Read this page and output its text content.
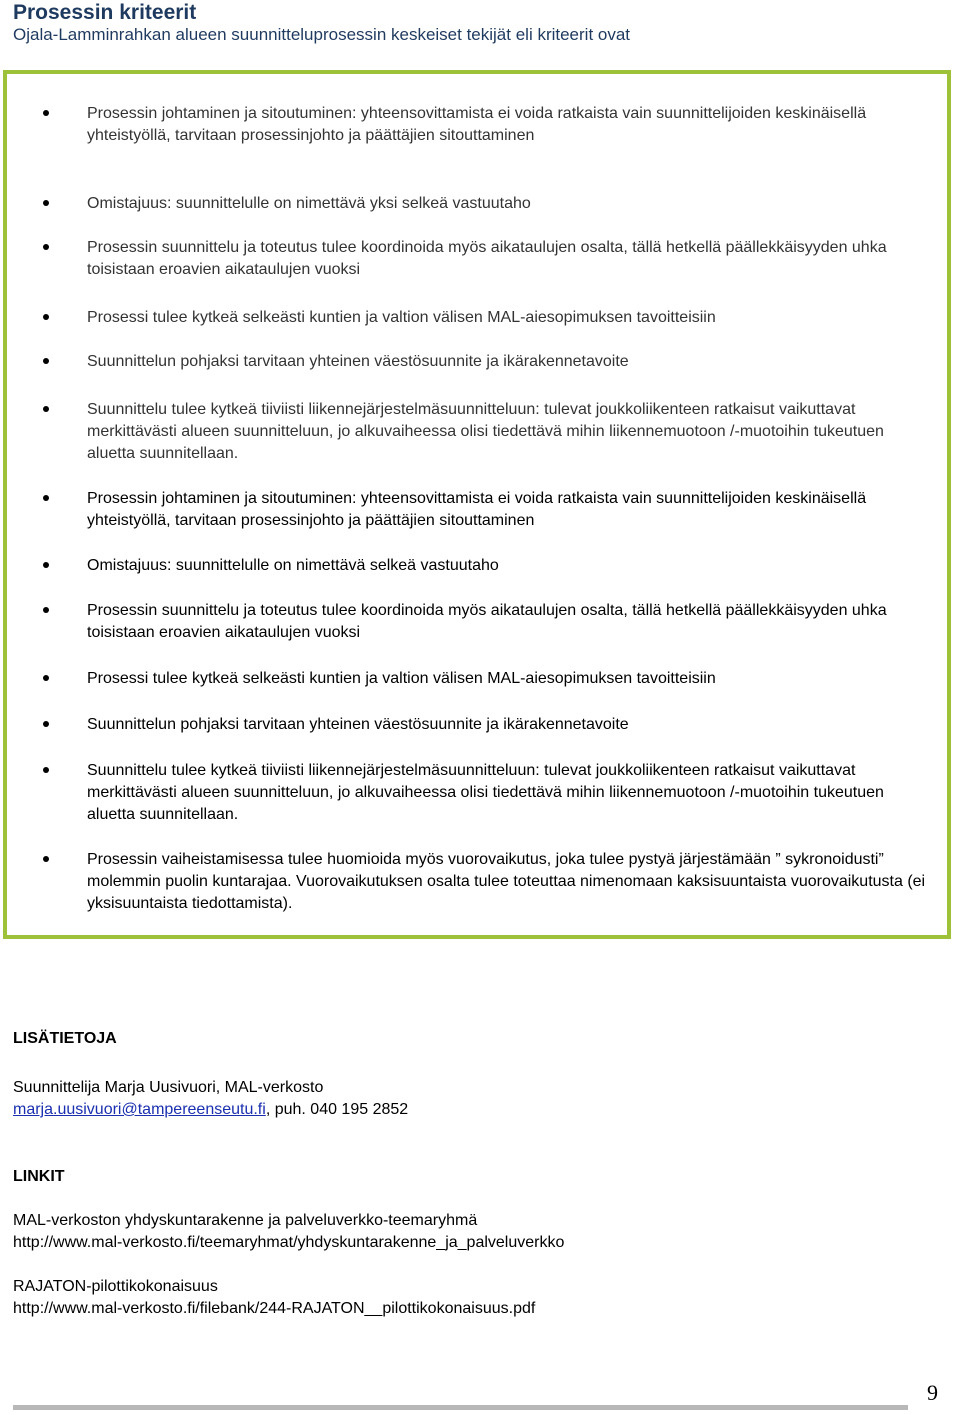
Prosessin kriteerit
Ojala-Lamminrahkan alueen suunnitteluprosessin keskeiset tekijät eli kriteerit ovat
Prosessin johtaminen ja sitoutuminen: yhteensovittamista ei voida ratkaista vain suunnittelijoiden keskinäisellä yhteistyöllä, tarvitaan prosessinjohto ja päättäjien sitouttaminen
Omistajuus: suunnittelulle on nimettävä yksi selkeä vastuutaho
Prosessin suunnittelu ja toteutus tulee koordinoida myös aikataulujen osalta, tällä hetkellä päällekkäisyyden uhka toisistaan eroavien aikataulujen vuoksi
Prosessi tulee kytkeä selkeästi kuntien ja valtion välisen MAL-aiesopimuksen tavoitteisiin
Suunnittelun pohjaksi tarvitaan yhteinen väestösuunnite ja ikärakennetavoite
Suunnittelu tulee kytkeä tiiviisti liikennejärjestelmäsuunnitteluun: tulevat joukkoliikenteen ratkaisut vaikuttavat merkittävästi alueen suunnitteluun, jo alkuvaiheessa olisi tiedettävä mihin liikennemuotoon /-muotoihin tukeutuen aluetta suunnitellaan.
Prosessin johtaminen ja sitoutuminen: yhteensovittamista ei voida ratkaista vain suunnittelijoiden keskinäisellä yhteistyöllä, tarvitaan prosessinjohto ja päättäjien sitouttaminen
Omistajuus: suunnittelulle on nimettävä selkeä vastuutaho
Prosessin suunnittelu ja toteutus tulee koordinoida myös aikataulujen osalta, tällä hetkellä päällekkäisyyden uhka toisistaan eroavien aikataulujen vuoksi
Prosessi tulee kytkeä selkeästi kuntien ja valtion välisen MAL-aiesopimuksen tavoitteisiin
Suunnittelun pohjaksi tarvitaan yhteinen väestösuunnite ja ikärakennetavoite
Suunnittelu tulee kytkeä tiiviisti liikennejärjestelmäsuunnitteluun: tulevat joukkoliikenteen ratkaisut vaikuttavat merkittävästi alueen suunnitteluun, jo alkuvaiheessa olisi tiedettävä mihin liikennemuotoon /-muotoihin tukeutuen aluetta suunnitellaan.
Prosessin vaiheistamisessa tulee huomioida myös vuorovaikutus, joka tulee pystyä järjestämään ” sykronoidusti” molemmin puolin kuntarajaa. Vuorovaikutuksen osalta tulee toteuttaa nimenomaan kaksisuuntaista vuorovaikutusta (ei yksisuuntaista tiedottamista).
LISÄTIETOJA
Suunnittelija Marja Uusivuori, MAL-verkosto
marja.uusivuori@tampereenseutu.fi, puh. 040 195 2852
LINKIT
MAL-verkoston yhdyskuntarakenne ja palveluverkko-teemaryhmä
http://www.mal-verkosto.fi/teemaryhmat/yhdyskuntarakenne_ja_palveluverkko
RAJATON-pilottikokonaisuus
http://www.mal-verkosto.fi/filebank/244-RAJATON__pilottikokonaisuus.pdf
9
